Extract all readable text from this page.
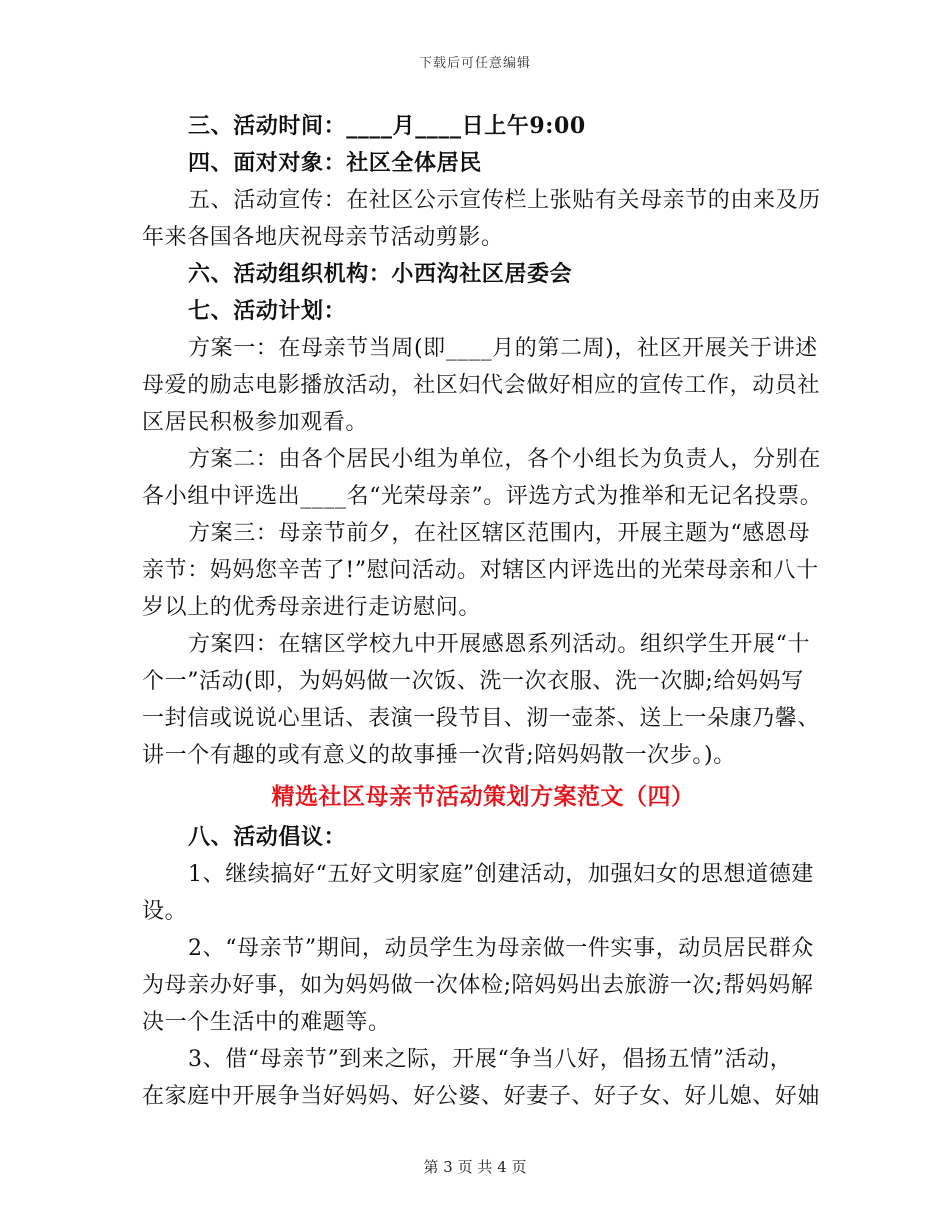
下载后可任意编辑
三、活动时间：____月____日上午9:00
四、面对对象：社区全体居民
五、活动宣传：在社区公示宣传栏上张贴有关母亲节的由来及历
年来各国各地庆祝母亲节活动剪影。
六、活动组织机构：小西沟社区居委会
七、活动计划：
方案一：在母亲节当周(即____月的第二周)，社区开展关于讲述
母爱的励志电影播放活动，社区妇代会做好相应的宣传工作，动员社
区居民积极参加观看。
方案二：由各个居民小组为单位，各个小组长为负责人，分别在
各小组中评选出____名“光荣母亲”。评选方式为推举和无记名投票。
方案三：母亲节前夕，在社区辖区范围内，开展主题为“感恩母
亲节：妈妈您辛苦了!”慰问活动。对辖区内评选出的光荣母亲和八十
岁以上的优秀母亲进行走访慰问。
方案四：在辖区学校九中开展感恩系列活动。组织学生开展“十
个一”活动(即，为妈妈做一次饭、洗一次衣服、洗一次脚;给妈妈写
一封信或说说心里话、表演一段节目、沏一壶茶、送上一朵康乃馨、
讲一个有趣的或有意义的故事捶一次背;陪妈妈散一次步。)。
精选社区母亲节活动策划方案范文（四）
八、活动倡议：
1、继续搞好“五好文明家庭”创建活动，加强妇女的思想道德建
设。
2、“母亲节”期间，动员学生为母亲做一件实事，动员居民群众
为母亲办好事，如为妈妈做一次体检;陪妈妈出去旅游一次;帮妈妈解
决一个生活中的难题等。
3、借“母亲节”到来之际，开展“争当八好，倡扬五情”活动，
在家庭中开展争当好妈妈、好公婆、好妻子、好子女、好儿媳、好妯
第 3 页 共 4 页
